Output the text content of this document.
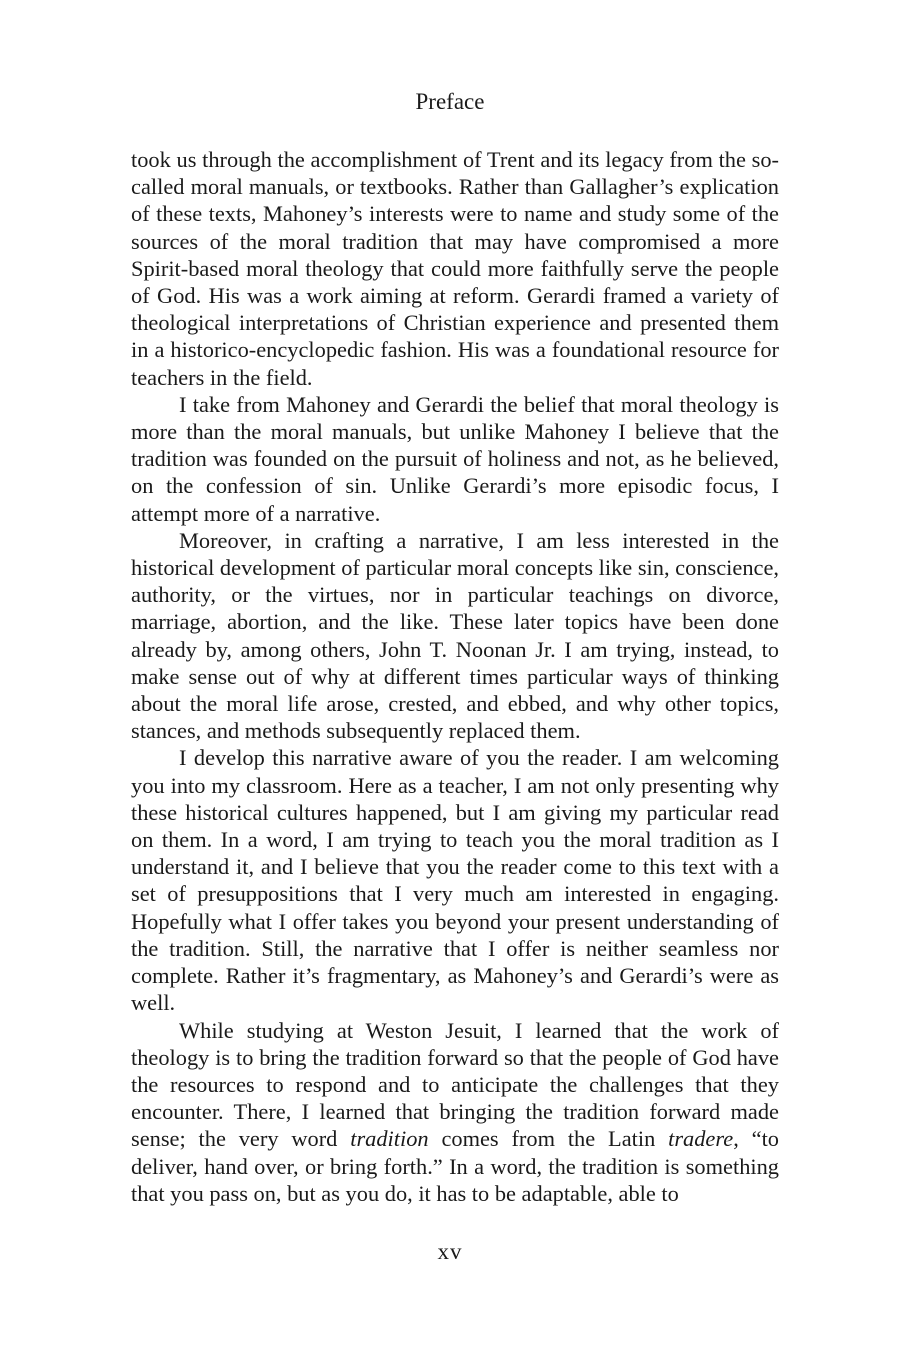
Preface

took us through the accomplishment of Trent and its legacy from the so-called moral manuals, or textbooks. Rather than Gallagher’s explication of these texts, Mahoney’s interests were to name and study some of the sources of the moral tradition that may have compromised a more Spirit-based moral theology that could more faithfully serve the people of God. His was a work aiming at reform. Gerardi framed a variety of theological interpretations of Christian experience and presented them in a historico-encyclopedic fashion. His was a foundational resource for teachers in the field.

I take from Mahoney and Gerardi the belief that moral theology is more than the moral manuals, but unlike Mahoney I believe that the tradition was founded on the pursuit of holiness and not, as he believed, on the confession of sin. Unlike Gerardi’s more episodic focus, I attempt more of a narrative.

Moreover, in crafting a narrative, I am less interested in the historical development of particular moral concepts like sin, conscience, authority, or the virtues, nor in particular teachings on divorce, marriage, abortion, and the like. These later topics have been done already by, among others, John T. Noonan Jr. I am trying, instead, to make sense out of why at different times particular ways of thinking about the moral life arose, crested, and ebbed, and why other topics, stances, and methods subsequently replaced them.

I develop this narrative aware of you the reader. I am welcoming you into my classroom. Here as a teacher, I am not only presenting why these historical cultures happened, but I am giving my particular read on them. In a word, I am trying to teach you the moral tradition as I understand it, and I believe that you the reader come to this text with a set of presuppositions that I very much am interested in engaging. Hopefully what I offer takes you beyond your present understanding of the tradition. Still, the narrative that I offer is neither seamless nor complete. Rather it’s fragmentary, as Mahoney’s and Gerardi’s were as well.

While studying at Weston Jesuit, I learned that the work of theology is to bring the tradition forward so that the people of God have the resources to respond and to anticipate the challenges that they encounter. There, I learned that bringing the tradition forward made sense; the very word tradition comes from the Latin tradere, “to deliver, hand over, or bring forth.” In a word, the tradition is something that you pass on, but as you do, it has to be adaptable, able to

xv
